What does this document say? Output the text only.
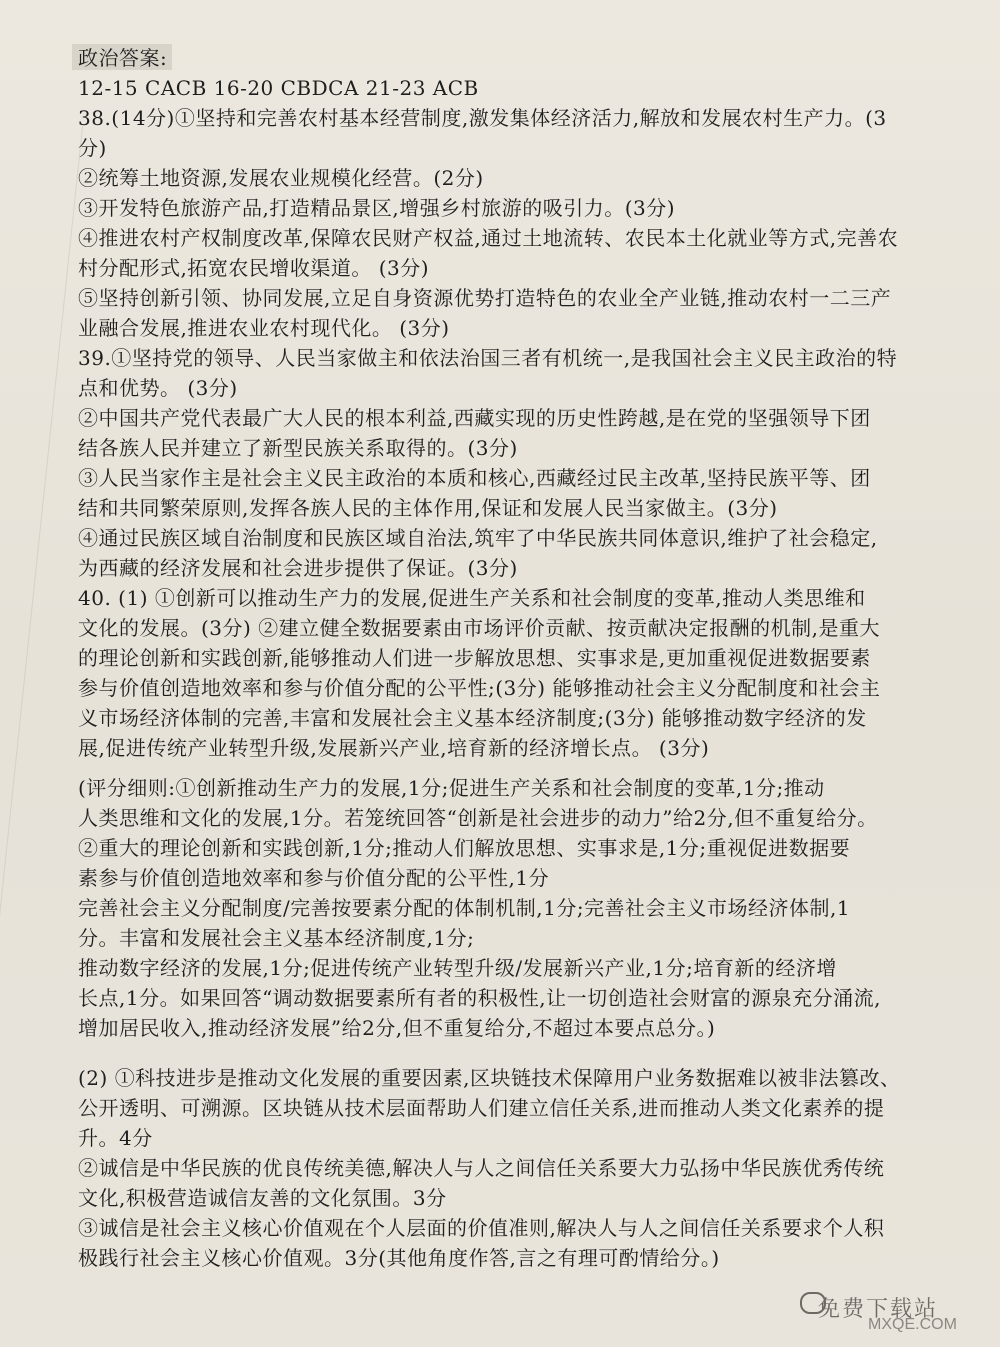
政治答案:
12-15 CACB 16-20 CBDCA 21-23 ACB
38.(14分)①坚持和完善农村基本经营制度,激发集体经济活力,解放和发展农村生产力。(3
分)
②统筹土地资源,发展农业规模化经营。(2分)
③开发特色旅游产品,打造精品景区,增强乡村旅游的吸引力。(3分)
④推进农村产权制度改革,保障农民财产权益,通过土地流转、农民本土化就业等方式,完善农
村分配形式,拓宽农民增收渠道。 (3分)
⑤坚持创新引领、协同发展,立足自身资源优势打造特色的农业全产业链,推动农村一二三产
业融合发展,推进农业农村现代化。 (3分)
39.①坚持党的领导、人民当家做主和依法治国三者有机统一,是我国社会主义民主政治的特
点和优势。 (3分)
②中国共产党代表最广大人民的根本利益,西藏实现的历史性跨越,是在党的坚强领导下团
结各族人民并建立了新型民族关系取得的。(3分)
③人民当家作主是社会主义民主政治的本质和核心,西藏经过民主改革,坚持民族平等、团
结和共同繁荣原则,发挥各族人民的主体作用,保证和发展人民当家做主。(3分)
④通过民族区域自治制度和民族区域自治法,筑牢了中华民族共同体意识,维护了社会稳定,
为西藏的经济发展和社会进步提供了保证。(3分)
40. (1) ①创新可以推动生产力的发展,促进生产关系和社会制度的变革,推动人类思维和
文化的发展。(3分) ②建立健全数据要素由市场评价贡献、按贡献决定报酬的机制,是重大
的理论创新和实践创新,能够推动人们进一步解放思想、实事求是,更加重视促进数据要素
参与价值创造地效率和参与价值分配的公平性;(3分) 能够推动社会主义分配制度和社会主
义市场经济体制的完善,丰富和发展社会主义基本经济制度;(3分) 能够推动数字经济的发
展,促进传统产业转型升级,发展新兴产业,培育新的经济增长点。 (3分)
(评分细则:①创新推动生产力的发展,1分;促进生产关系和社会制度的变革,1分;推动
人类思维和文化的发展,1分。若笼统回答“创新是社会进步的动力”给2分,但不重复给分。
②重大的理论创新和实践创新,1分;推动人们解放思想、实事求是,1分;重视促进数据要
素参与价值创造地效率和参与价值分配的公平性,1分
完善社会主义分配制度/完善按要素分配的体制机制,1分;完善社会主义市场经济体制,1
分。丰富和发展社会主义基本经济制度,1分;
推动数字经济的发展,1分;促进传统产业转型升级/发展新兴产业,1分;培育新的经济增
长点,1分。如果回答“调动数据要素所有者的积极性,让一切创造社会财富的源泉充分涌流,
增加居民收入,推动经济发展”给2分,但不重复给分,不超过本要点总分。)
(2) ①科技进步是推动文化发展的重要因素,区块链技术保障用户业务数据难以被非法篡改、
公开透明、可溯源。区块链从技术层面帮助人们建立信任关系,进而推动人类文化素养的提
升。4分
②诚信是中华民族的优良传统美德,解决人与人之间信任关系要大力弘扬中华民族优秀传统
文化,积极营造诚信友善的文化氛围。3分
③诚信是社会主义核心价值观在个人层面的价值准则,解决人与人之间信任关系要求个人积
极践行社会主义核心价值观。3分(其他角度作答,言之有理可酌情给分。)
免费下载站
MXQE.COM
